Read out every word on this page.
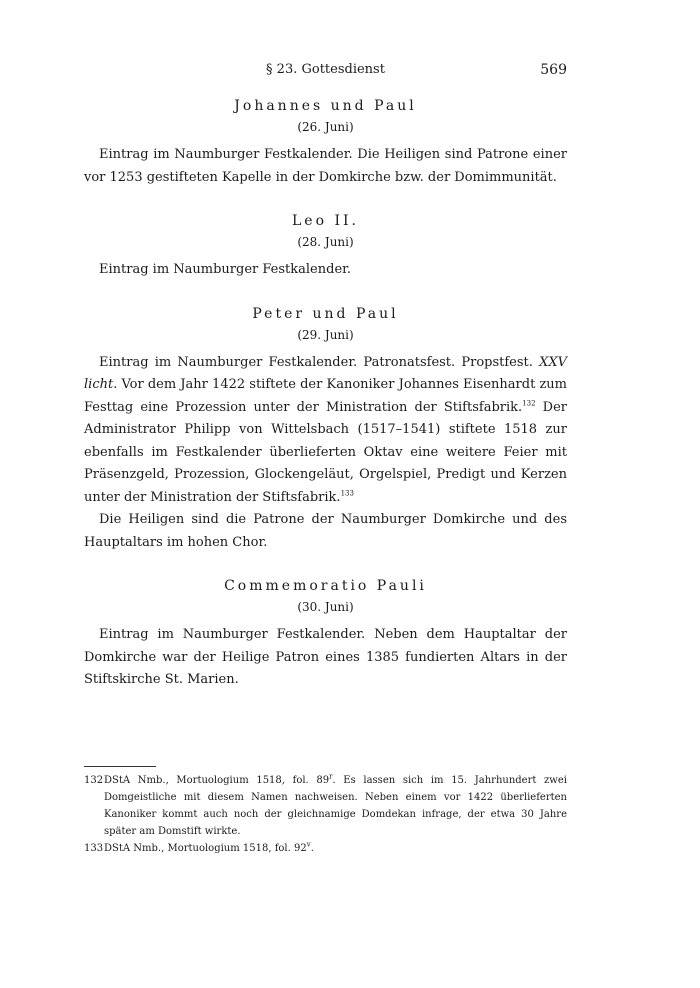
§ 23. Gottesdienst	569

Johannes und Paul

(26. Juni)

Eintrag im Naumburger Festkalender. Die Heiligen sind Patrone einer vor 1253 gestifteten Kapelle in der Domkirche bzw. der Domimmunität.

Leo II.

(28. Juni)

Eintrag im Naumburger Festkalender.

Peter und Paul

(29. Juni)

Eintrag im Naumburger Festkalender. Patronatsfest. Propstfest. XXV licht. Vor dem Jahr 1422 stiftete der Kanoniker Johannes Eisenhardt zum Festtag eine Prozession unter der Ministration der Stiftsfabrik.$^{132}$ Der Administrator Philipp von Wittelsbach (1517–1541) stiftete 1518 zur ebenfalls im Festkalender überlieferten Oktav eine weitere Feier mit Präsenzgeld, Prozession, Glockengeläut, Orgelspiel, Predigt und Kerzen unter der Ministration der Stiftsfabrik.$^{133}$

Die Heiligen sind die Patrone der Naumburger Domkirche und des Hauptaltars im hohen Chor.

Commemoratio Pauli

(30. Juni)

Eintrag im Naumburger Festkalender. Neben dem Hauptaltar der Domkirche war der Heilige Patron eines 1385 fundierten Altars in der Stiftskirche St. Marien.

132 DStA Nmb., Mortuologium 1518, fol. 89$^r$. Es lassen sich im 15. Jahrhundert zwei Domgeistliche mit diesem Namen nachweisen. Neben einem vor 1422 überlieferten Kanoniker kommt auch noch der gleichnamige Domdekan infrage, der etwa 30 Jahre später am Domstift wirkte.
133 DStA Nmb., Mortuologium 1518, fol. 92$^v$.
